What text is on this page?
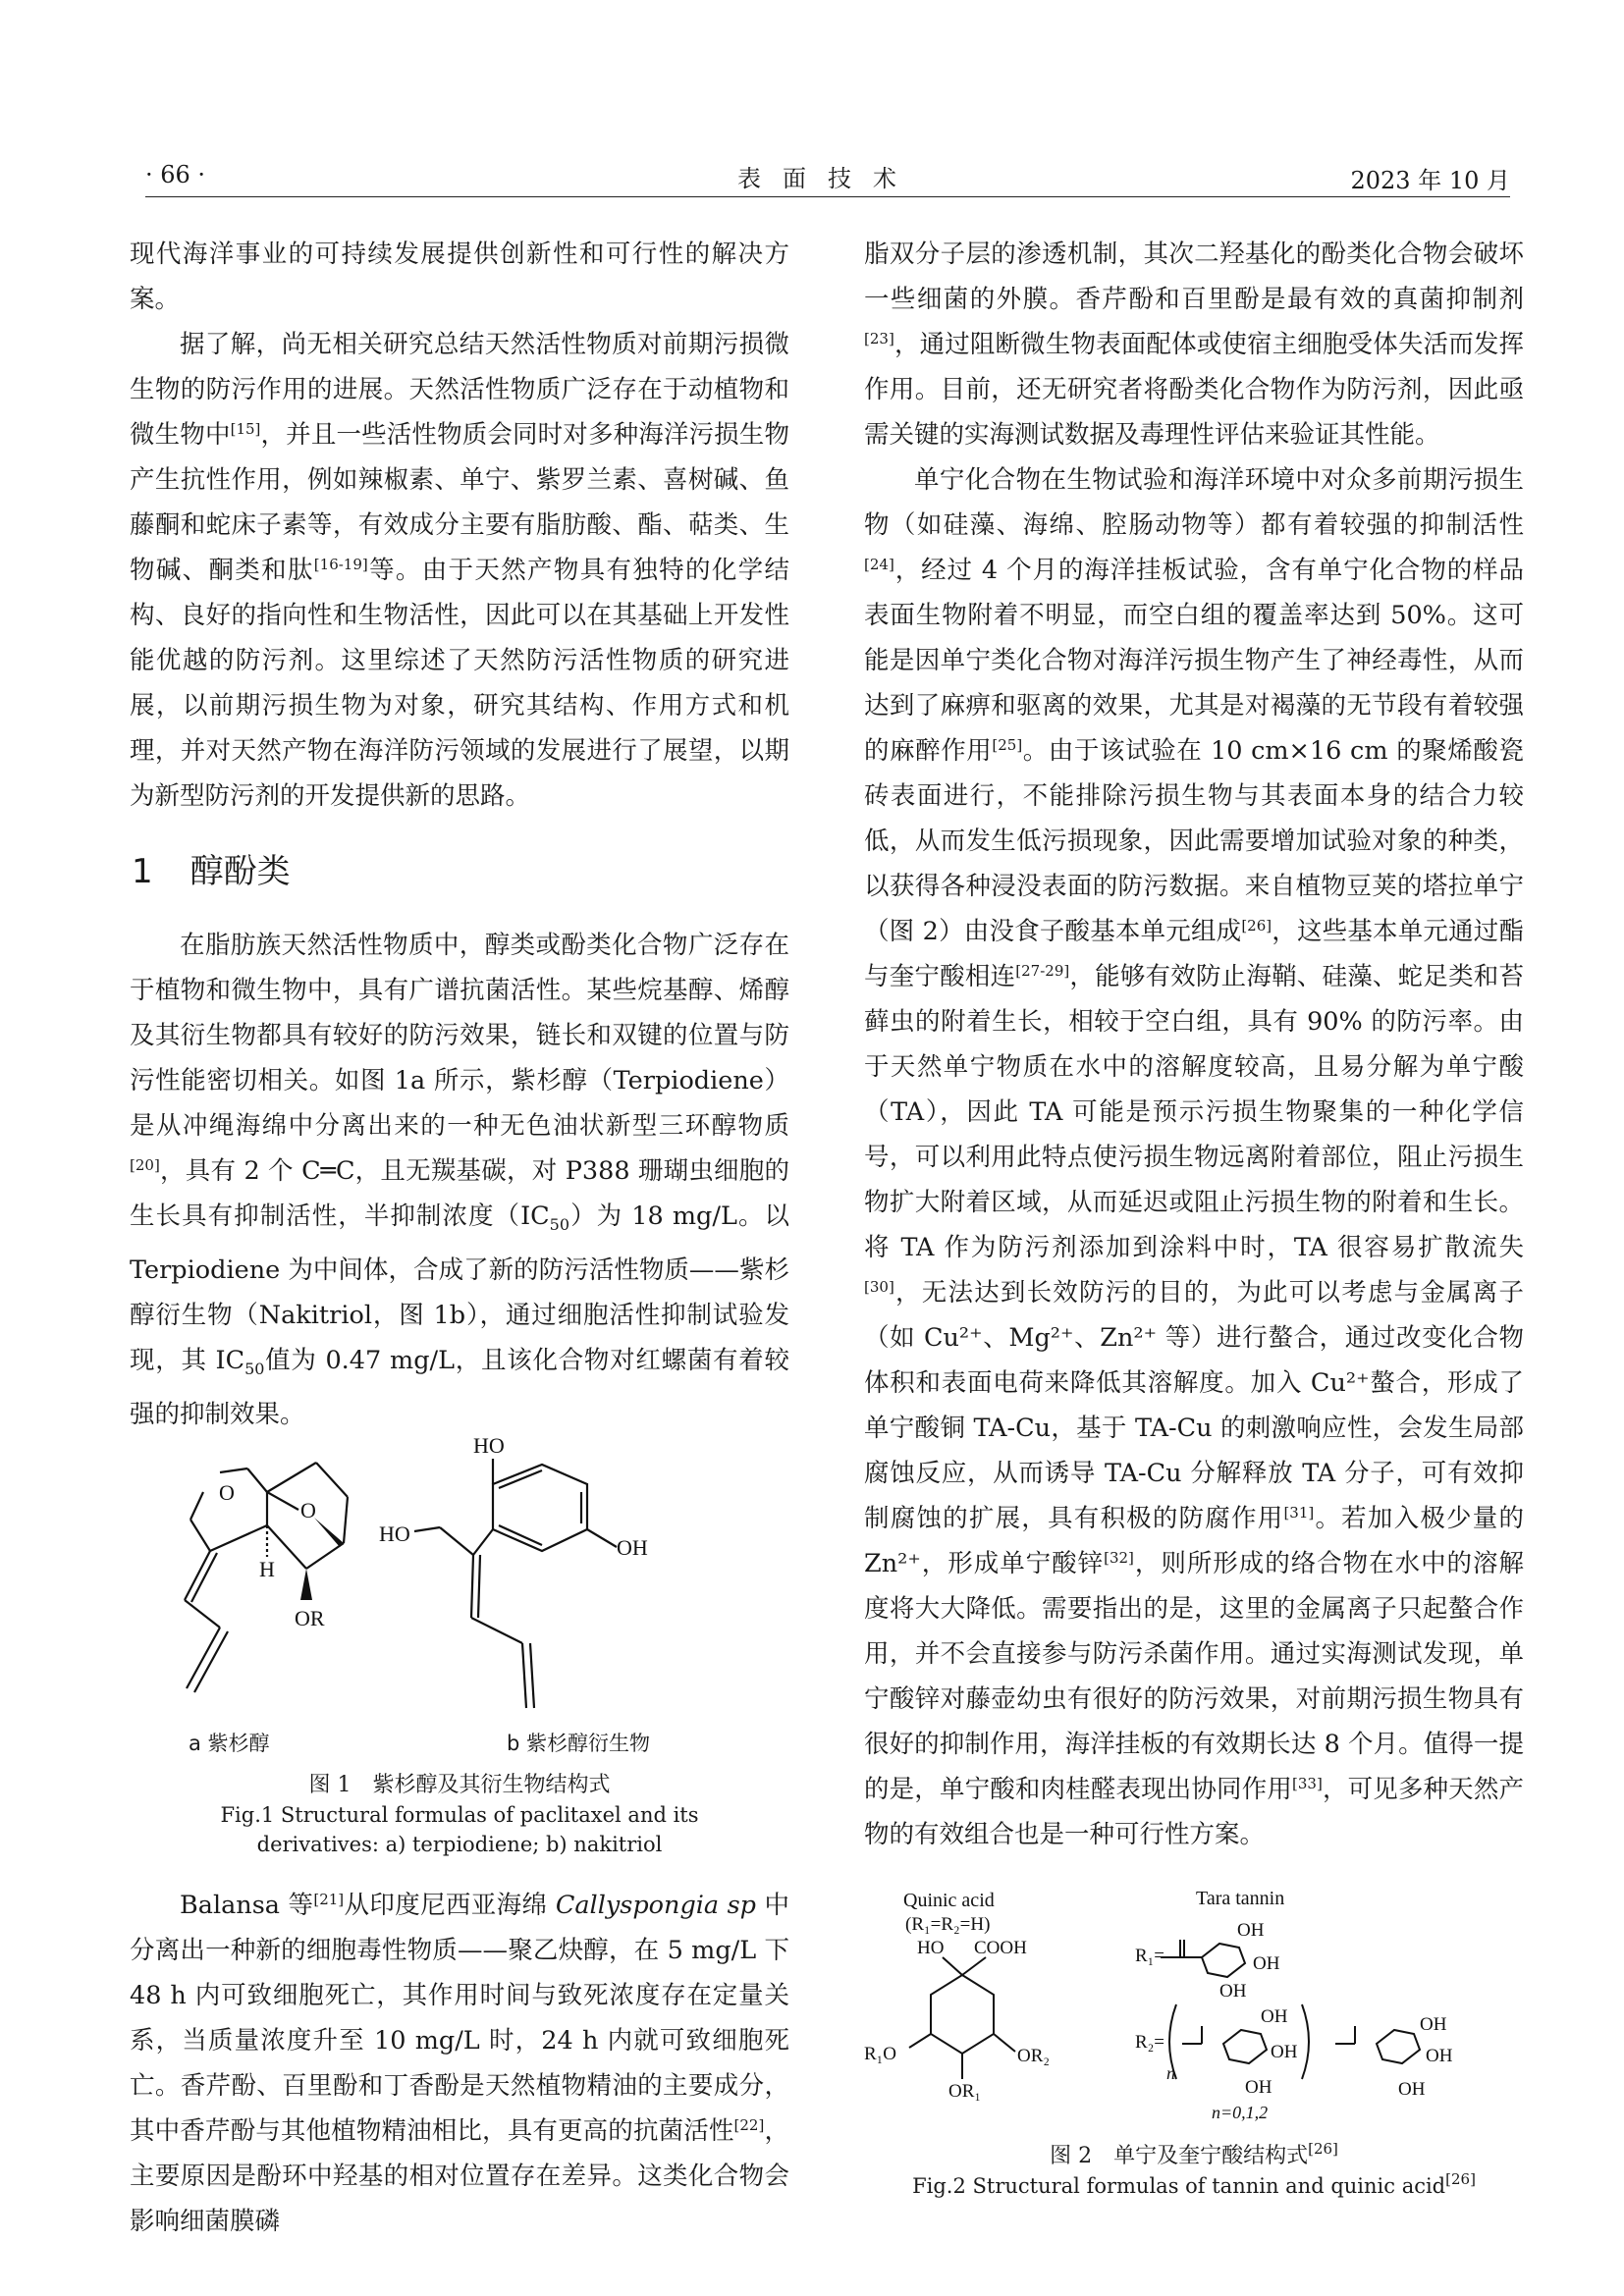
· 66 ·	表面技术	2023 年 10 月

现代海洋事业的可持续发展提供创新性和可行性的解决方案。

据了解，尚无相关研究总结天然活性物质对前期污损微生物的防污作用的进展。天然活性物质广泛存在于动植物和微生物中[15]，并且一些活性物质会同时对多种海洋污损生物产生抗性作用，例如辣椒素、单宁、紫罗兰素、喜树碱、鱼藤酮和蛇床子素等，有效成分主要有脂肪酸、酯、萜类、生物碱、酮类和肽[16-19]等。由于天然产物具有独特的化学结构、良好的指向性和生物活性，因此可以在其基础上开发性能优越的防污剂。这里综述了天然防污活性物质的研究进展，以前期污损生物为对象，研究其结构、作用方式和机理，并对天然产物在海洋防污领域的发展进行了展望，以期为新型防污剂的开发提供新的思路。

1 醇酚类

在脂肪族天然活性物质中，醇类或酚类化合物广泛存在于植物和微生物中，具有广谱抗菌活性。某些烷基醇、烯醇及其衍生物都具有较好的防污效果，链长和双键的位置与防污性能密切相关。如图 1a 所示，紫杉醇（Terpiodiene）是从冲绳海绵中分离出来的一种无色油状新型三环醇物质[20]，具有 2 个 C═C，且无羰基碳，对 P388 珊瑚虫细胞的生长具有抑制活性，半抑制浓度$(IC_{50})$为 18 mg/L。以 Terpiodiene 为中间体，合成了新的防污活性物质——紫杉醇衍生物（Nakitriol，图 1b），通过细胞活性抑制试验发现，其 $IC_{50}$值为 0.47 mg/L，且该化合物对红螺菌有着较强的抑制效果。

O
O
H
OR
HO
OH
HO
a 紫杉醇	b 紫杉醇衍生物
图 1　紫杉醇及其衍生物结构式
Fig.1 Structural formulas of paclitaxel and its
derivatives: a) terpiodiene; b) nakitriol

Balansa 等[21]从印度尼西亚海绵 Callyspongia sp 中分离出一种新的细胞毒性物质——聚乙炔醇，在 5 mg/L 下 48 h 内可致细胞死亡，其作用时间与致死浓度存在定量关系，当质量浓度升至 10 mg/L 时，24 h 内就可致细胞死亡。香芹酚、百里酚和丁香酚是天然植物精油的主要成分，其中香芹酚与其他植物精油相比，具有更高的抗菌活性[22]，主要原因是酚环中羟基的相对位置存在差异。这类化合物会影响细菌膜磷

脂双分子层的渗透机制，其次二羟基化的酚类化合物会破坏一些细菌的外膜。香芹酚和百里酚是最有效的真菌抑制剂[23]，通过阻断微生物表面配体或使宿主细胞受体失活而发挥作用。目前，还无研究者将酚类化合物作为防污剂，因此亟需关键的实海测试数据及毒理性评估来验证其性能。

单宁化合物在生物试验和海洋环境中对众多前期污损生物（如硅藻、海绵、腔肠动物等）都有着较强的抑制活性[24]，经过 4 个月的海洋挂板试验，含有单宁化合物的样品表面生物附着不明显，而空白组的覆盖率达到 50%。这可能是因单宁类化合物对海洋污损生物产生了神经毒性，从而达到了麻痹和驱离的效果，尤其是对褐藻的无节段有着较强的麻醉作用[25]。由于该试验在 10 cm×16 cm 的聚烯酸瓷砖表面进行，不能排除污损生物与其表面本身的结合力较低，从而发生低污损现象，因此需要增加试验对象的种类，以获得各种浸没表面的防污数据。来自植物豆荚的塔拉单宁（图 2）由没食子酸基本单元组成[26]，这些基本单元通过酯与奎宁酸相连[27-29]，能够有效防止海鞘、硅藻、蛇足类和苔藓虫的附着生长，相较于空白组，具有 90% 的防污率。由于天然单宁物质在水中的溶解度较高，且易分解为单宁酸（TA），因此 TA 可能是预示污损生物聚集的一种化学信号，可以利用此特点使污损生物远离附着部位，阻止污损生物扩大附着区域，从而延迟或阻止污损生物的附着和生长。将 TA 作为防污剂添加到涂料中时，TA 很容易扩散流失[30]，无法达到长效防污的目的，为此可以考虑与金属离子（如 Cu²⁺、Mg²⁺、Zn²⁺ 等）进行螯合，通过改变化合物体积和表面电荷来降低其溶解度。加入 Cu²⁺螯合，形成了单宁酸铜 TA-Cu，基于 TA-Cu 的刺激响应性，会发生局部腐蚀反应，从而诱导 TA-Cu 分解释放 TA 分子，可有效抑制腐蚀的扩展，具有积极的防腐作用[31]。若加入极少量的 Zn²⁺，形成单宁酸锌[32]，则所形成的络合物在水中的溶解度将大大降低。需要指出的是，这里的金属离子只起螯合作用，并不会直接参与防污杀菌作用。通过实海测试发现，单宁酸锌对藤壶幼虫有很好的防污效果，对前期污损生物具有很好的抑制作用，海洋挂板的有效期长达 8 个月。值得一提的是，单宁酸和肉桂醛表现出协同作用[33]，可见多种天然产物的有效组合也是一种可行性方案。

Quinic acid
(R₁=R₂=H)
HO COOH
R₁O	OR₂
OR₁
Tara tannin
R₁=
OH
OH
OH
R₂=
n
OH
OH
OH
OH
OH
OH
n=0,1,2
图 2　单宁及奎宁酸结构式[26]
Fig.2 Structural formulas of tannin and quinic acid[26]
